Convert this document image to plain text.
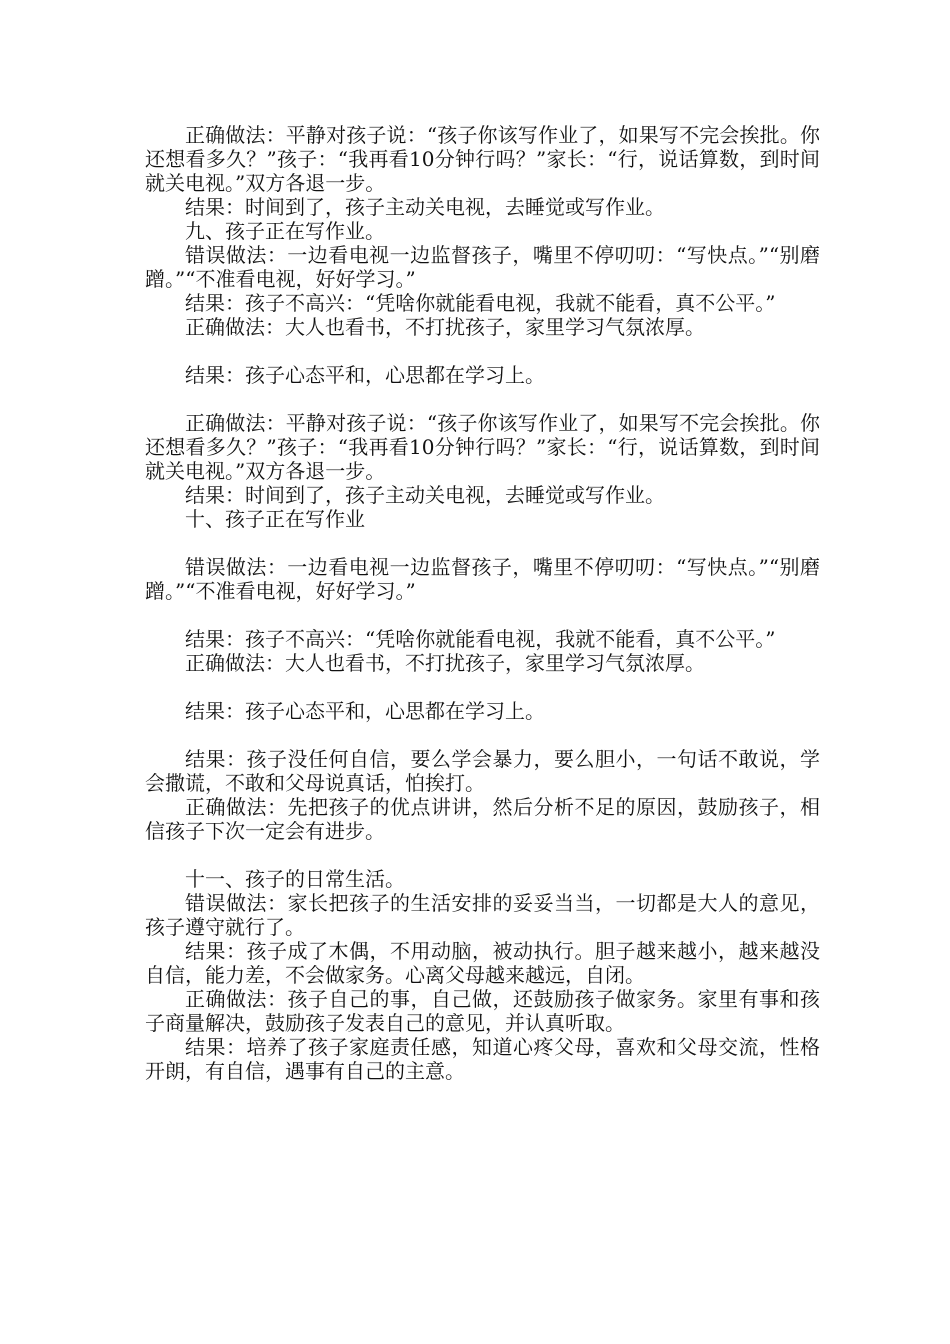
正确做法：平静对孩子说：“孩子你该写作业了，如果写不完会挨批。你还想看多久？”孩子：“我再看10分钟行吗？”家长：“行，说话算数，到时间就关电视。”双方各退一步。

结果：时间到了，孩子主动关电视，去睡觉或写作业。

九、孩子正在写作业。

错误做法：一边看电视一边监督孩子，嘴里不停叨叨：“写快点。”“别磨蹭。”“不准看电视，好好学习。”

结果：孩子不高兴：“凭啥你就能看电视，我就不能看，真不公平。”

正确做法：大人也看书，不打扰孩子，家里学习气氛浓厚。

结果：孩子心态平和，心思都在学习上。

正确做法：平静对孩子说：“孩子你该写作业了，如果写不完会挨批。你还想看多久？”孩子：“我再看10分钟行吗？”家长：“行，说话算数，到时间就关电视。”双方各退一步。

结果：时间到了，孩子主动关电视，去睡觉或写作业。

十、孩子正在写作业

错误做法：一边看电视一边监督孩子，嘴里不停叨叨：“写快点。”“别磨蹭。”“不准看电视，好好学习。”

结果：孩子不高兴：“凭啥你就能看电视，我就不能看，真不公平。”

正确做法：大人也看书，不打扰孩子，家里学习气氛浓厚。

结果：孩子心态平和，心思都在学习上。

结果：孩子没任何自信，要么学会暴力，要么胆小，一句话不敢说，学会撒谎，不敢和父母说真话，怕挨打。

正确做法：先把孩子的优点讲讲，然后分析不足的原因，鼓励孩子，相信孩子下次一定会有进步。

十一、孩子的日常生活。

错误做法：家长把孩子的生活安排的妥妥当当，一切都是大人的意见，孩子遵守就行了。

结果：孩子成了木偶，不用动脑，被动执行。胆子越来越小，越来越没自信，能力差，不会做家务。心离父母越来越远，自闭。

正确做法：孩子自己的事，自己做，还鼓励孩子做家务。家里有事和孩子商量解决，鼓励孩子发表自己的意见，并认真听取。

结果：培养了孩子家庭责任感，知道心疼父母，喜欢和父母交流，性格开朗，有自信，遇事有自己的主意。
